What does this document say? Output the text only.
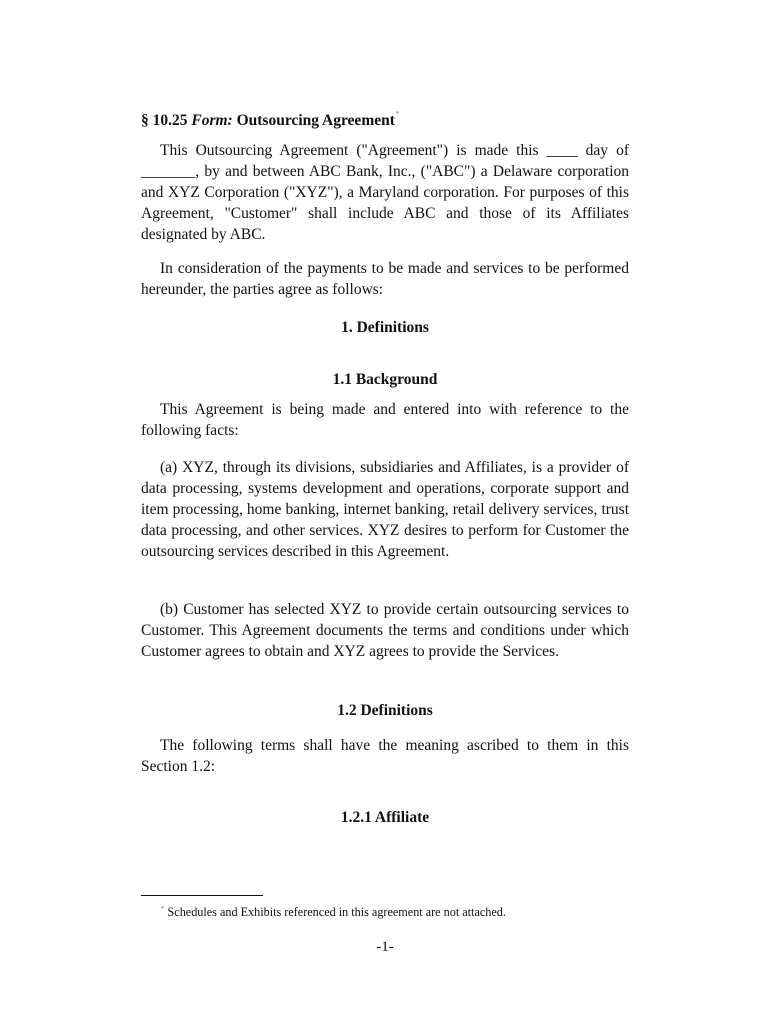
§ 10.25 Form: Outsourcing Agreement*

This Outsourcing Agreement ("Agreement") is made this ____ day of _______, by and between ABC Bank, Inc., ("ABC") a Delaware corporation and XYZ Corporation ("XYZ"), a Maryland corporation. For purposes of this Agreement, "Customer" shall include ABC and those of its Affiliates designated by ABC.

In consideration of the payments to be made and services to be performed hereunder, the parties agree as follows:

1. Definitions
1.1 Background

This Agreement is being made and entered into with reference to the following facts:

(a) XYZ, through its divisions, subsidiaries and Affiliates, is a provider of data processing, systems development and operations, corporate support and item processing, home banking, internet banking, retail delivery services, trust data processing, and other services. XYZ desires to perform for Customer the outsourcing services described in this Agreement.

(b) Customer has selected XYZ to provide certain outsourcing services to Customer. This Agreement documents the terms and conditions under which Customer agrees to obtain and XYZ agrees to provide the Services.

1.2 Definitions

The following terms shall have the meaning ascribed to them in this Section 1.2:

1.2.1 Affiliate
* Schedules and Exhibits referenced in this agreement are not attached.
-1-
